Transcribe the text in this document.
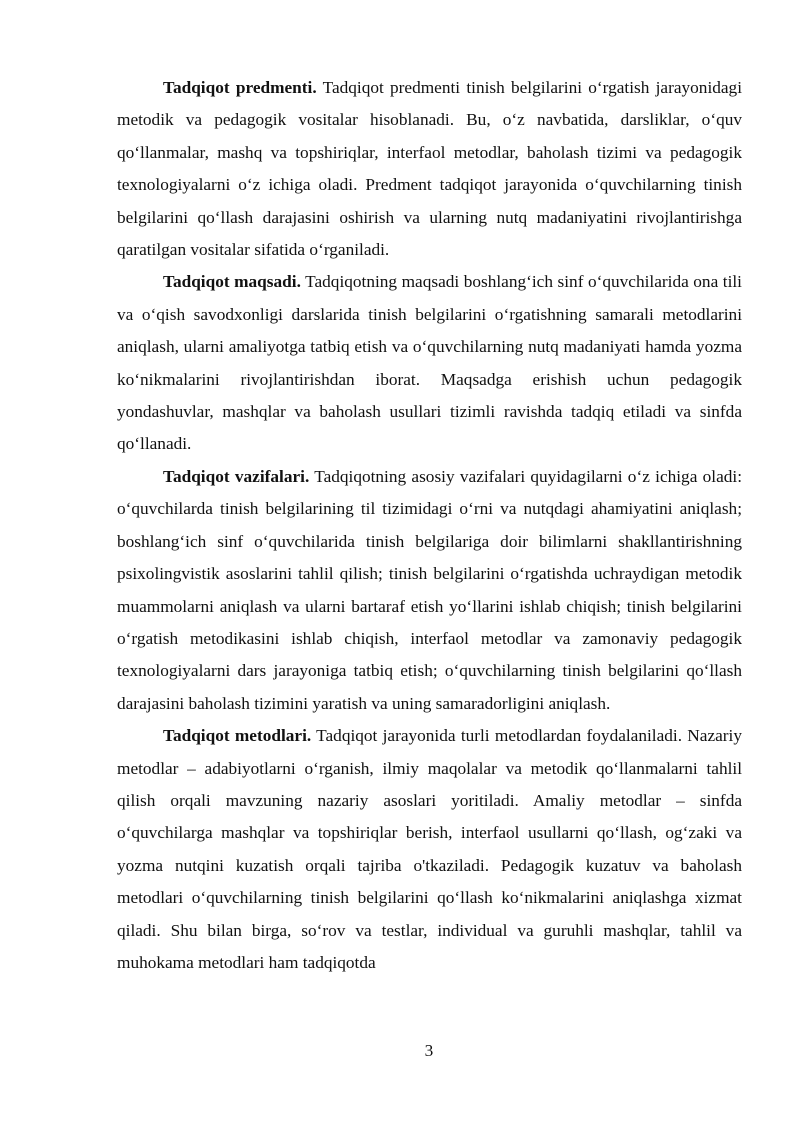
Tadqiqot predmenti. Tadqiqot predmenti tinish belgilarini o‘rgatish jarayonidagi metodik va pedagogik vositalar hisoblanadi. Bu, o‘z navbatida, darsliklar, o‘quv qo‘llanmalar, mashq va topshiriqlar, interfaol metodlar, baholash tizimi va pedagogik texnologiyalarni o‘z ichiga oladi. Predment tadqiqot jarayonida o‘quvchilarning tinish belgilarini qo‘llash darajasini oshirish va ularning nutq madaniyatini rivojlantirishga qaratilgan vositalar sifatida o‘rganiladi.

Tadqiqot maqsadi. Tadqiqotning maqsadi boshlang‘ich sinf o‘quvchilarida ona tili va o‘qish savodxonligi darslarida tinish belgilarini o‘rgatishning samarali metodlarini aniqlash, ularni amaliyotga tatbiq etish va o‘quvchilarning nutq madaniyati hamda yozma ko‘nikmalarini rivojlantirishdan iborat. Maqsadga erishish uchun pedagogik yondashuvlar, mashqlar va baholash usullari tizimli ravishda tadqiq etiladi va sinfda qo‘llanadi.

Tadqiqot vazifalari. Tadqiqotning asosiy vazifalari quyidagilarni o‘z ichiga oladi: o‘quvchilarda tinish belgilarining til tizimidagi o‘rni va nutqdagi ahamiyatini aniqlash; boshlang‘ich sinf o‘quvchilarida tinish belgilariga doir bilimlarni shakllantirishning psixolingvistik asoslarini tahlil qilish; tinish belgilarini o‘rgatishda uchraydigan metodik muammolarni aniqlash va ularni bartaraf etish yo‘llarini ishlab chiqish; tinish belgilarini o‘rgatish metodikasini ishlab chiqish, interfaol metodlar va zamonaviy pedagogik texnologiyalarni dars jarayoniga tatbiq etish; o‘quvchilarning tinish belgilarini qo‘llash darajasini baholash tizimini yaratish va uning samaradorligini aniqlash.

Tadqiqot metodlari. Tadqiqot jarayonida turli metodlardan foydalaniladi. Nazariy metodlar – adabiyotlarni o‘rganish, ilmiy maqolalar va metodik qo‘llanmalarni tahlil qilish orqali mavzuning nazariy asoslari yoritiladi. Amaliy metodlar – sinfda o‘quvchilarga mashqlar va topshiriqlar berish, interfaol usullarni qo‘llash, og‘zaki va yozma nutqini kuzatish orqali tajriba o'tkaziladi. Pedagogik kuzatuv va baholash metodlari o‘quvchilarning tinish belgilarini qo‘llash ko‘nikmalarini aniqlashga xizmat qiladi. Shu bilan birga, so‘rov va testlar, individual va guruhli mashqlar, tahlil va muhokama metodlari ham tadqiqotda

3
